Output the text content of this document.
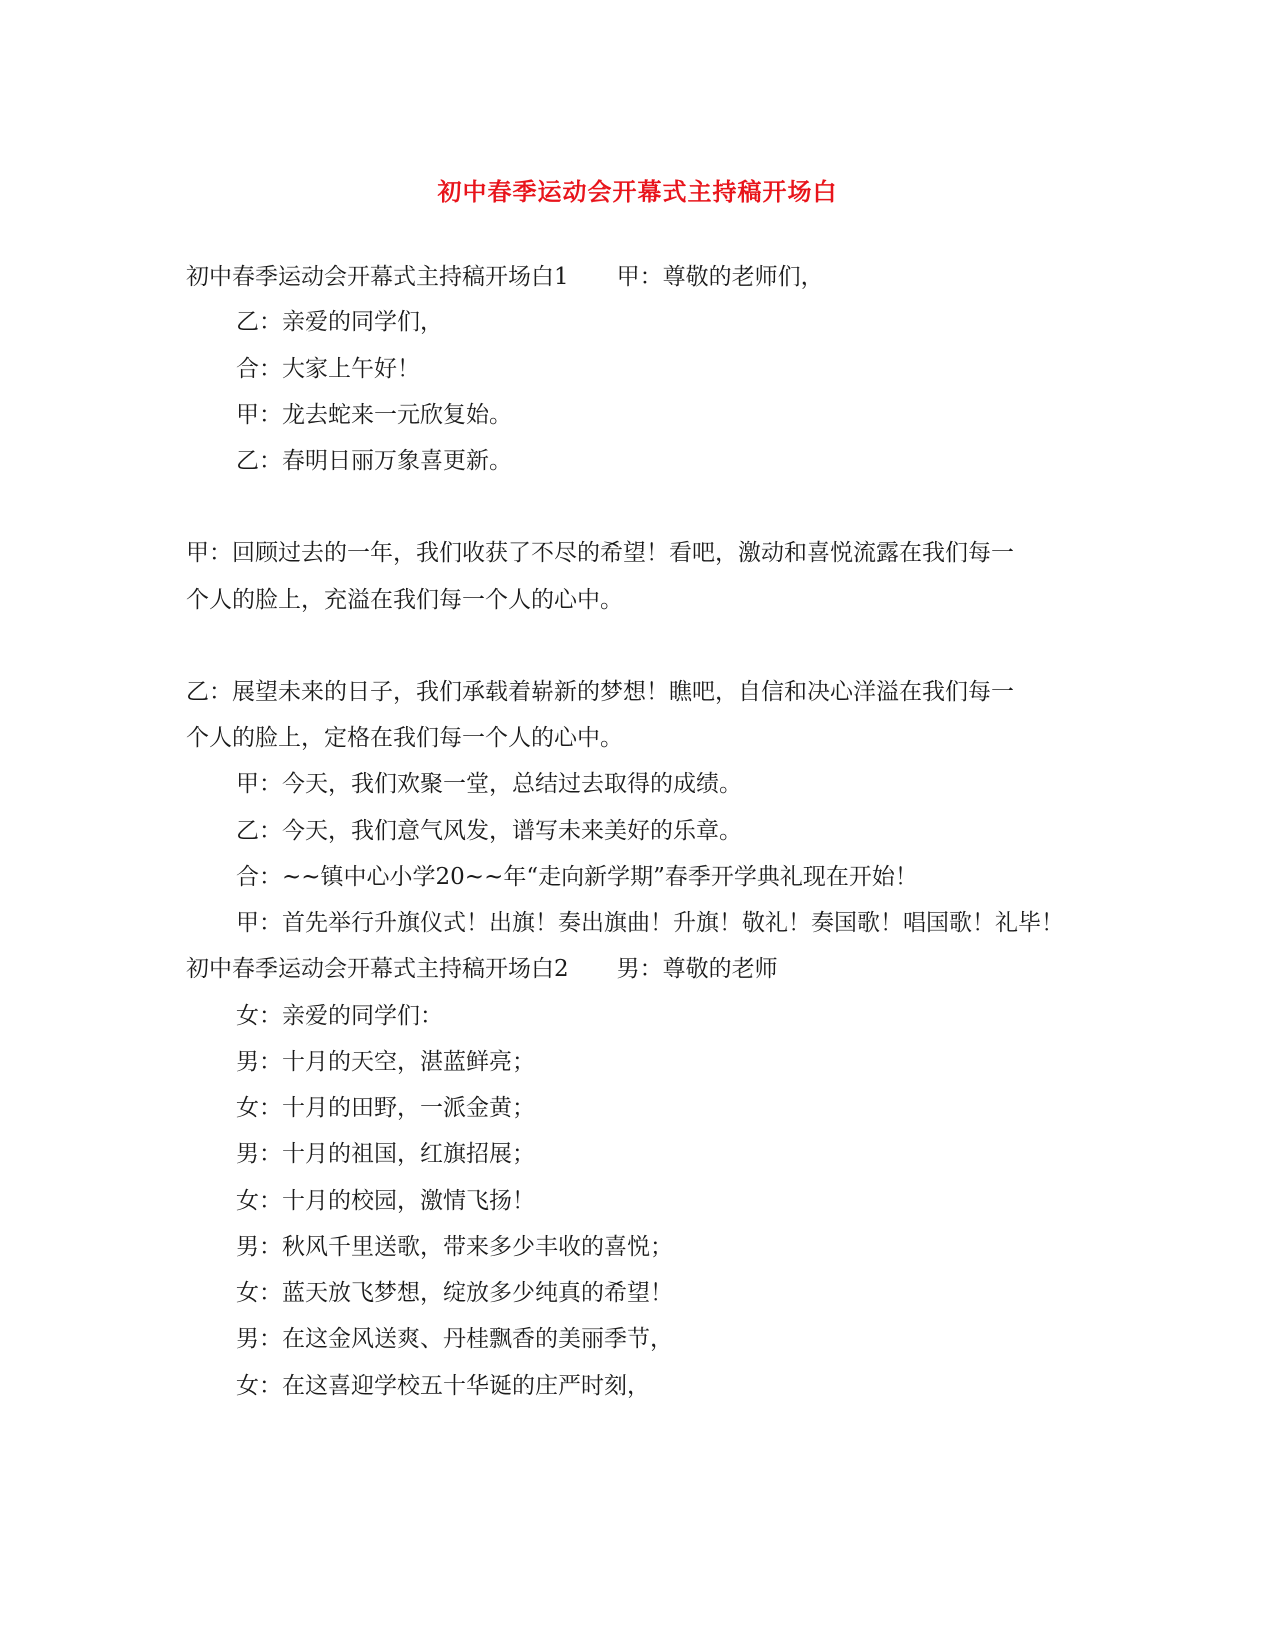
初中春季运动会开幕式主持稿开场白
初中春季运动会开幕式主持稿开场白1 甲：尊敬的老师们，
乙：亲爱的同学们，
合：大家上午好！
甲：龙去蛇来一元欣复始。
乙：春明日丽万象喜更新。
甲：回顾过去的一年，我们收获了不尽的希望！看吧，激动和喜悦流露在我们每一
个人的脸上，充溢在我们每一个人的心中。
乙：展望未来的日子，我们承载着崭新的梦想！瞧吧，自信和决心洋溢在我们每一
个人的脸上，定格在我们每一个人的心中。
甲：今天，我们欢聚一堂，总结过去取得的成绩。
乙：今天，我们意气风发，谱写未来美好的乐章。
合：~~镇中心小学20~~年“走向新学期”春季开学典礼现在开始！
甲：首先举行升旗仪式！出旗！奏出旗曲！升旗！敬礼！奏国歌！唱国歌！礼毕！
初中春季运动会开幕式主持稿开场白2 男：尊敬的老师
女：亲爱的同学们：
男：十月的天空，湛蓝鲜亮；
女：十月的田野，一派金黄；
男：十月的祖国，红旗招展；
女：十月的校园，激情飞扬！
男：秋风千里送歌，带来多少丰收的喜悦；
女：蓝天放飞梦想，绽放多少纯真的希望！
男：在这金风送爽、丹桂飘香的美丽季节，
女：在这喜迎学校五十华诞的庄严时刻，
